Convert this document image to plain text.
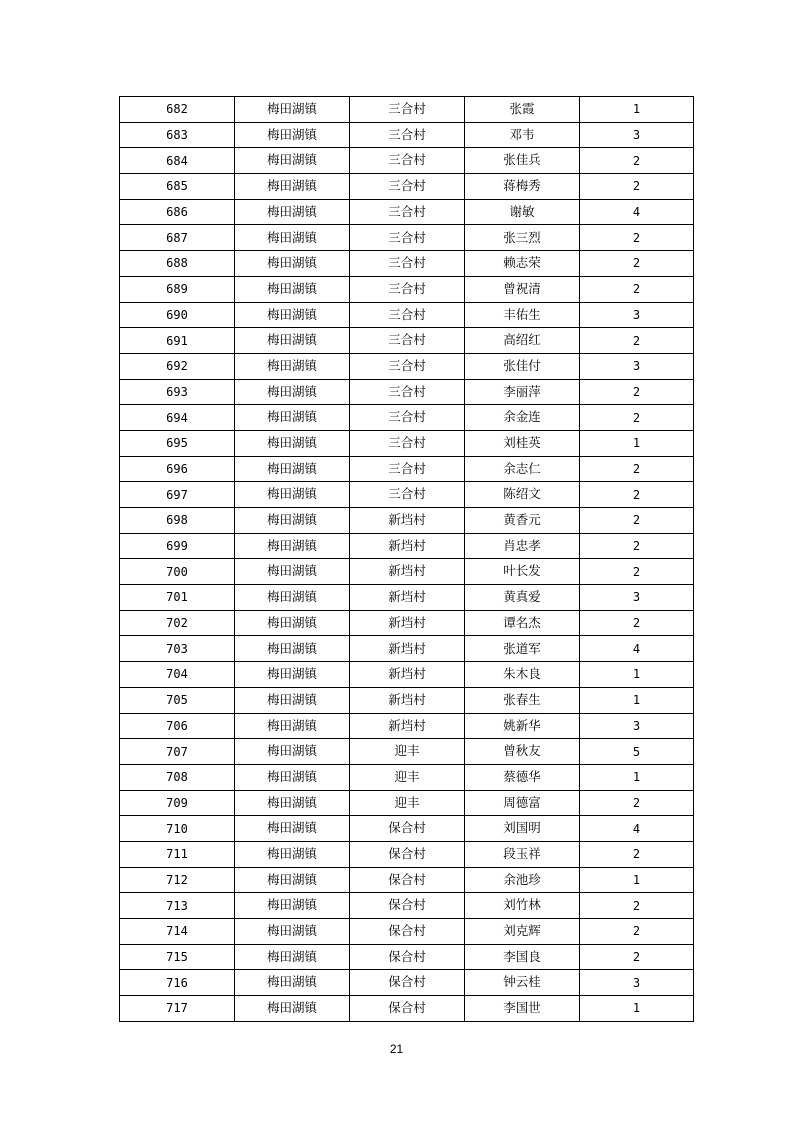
682	梅田湖镇	三合村	张霞	1
683	梅田湖镇	三合村	邓韦	3
684	梅田湖镇	三合村	张佳兵	2
685	梅田湖镇	三合村	蒋梅秀	2
686	梅田湖镇	三合村	谢敏	4
687	梅田湖镇	三合村	张三烈	2
688	梅田湖镇	三合村	赖志荣	2
689	梅田湖镇	三合村	曾祝清	2
690	梅田湖镇	三合村	丰佑生	3
691	梅田湖镇	三合村	高绍红	2
692	梅田湖镇	三合村	张佳付	3
693	梅田湖镇	三合村	李丽萍	2
694	梅田湖镇	三合村	余金连	2
695	梅田湖镇	三合村	刘桂英	1
696	梅田湖镇	三合村	余志仁	2
697	梅田湖镇	三合村	陈绍文	2
698	梅田湖镇	新垱村	黄香元	2
699	梅田湖镇	新垱村	肖忠孝	2
700	梅田湖镇	新垱村	叶长发	2
701	梅田湖镇	新垱村	黄真爱	3
702	梅田湖镇	新垱村	谭名杰	2
703	梅田湖镇	新垱村	张道军	4
704	梅田湖镇	新垱村	朱木良	1
705	梅田湖镇	新垱村	张春生	1
706	梅田湖镇	新垱村	姚新华	3
707	梅田湖镇	迎丰	曾秋友	5
708	梅田湖镇	迎丰	蔡德华	1
709	梅田湖镇	迎丰	周德富	2
710	梅田湖镇	保合村	刘国明	4
711	梅田湖镇	保合村	段玉祥	2
712	梅田湖镇	保合村	余池珍	1
713	梅田湖镇	保合村	刘竹林	2
714	梅田湖镇	保合村	刘克辉	2
715	梅田湖镇	保合村	李国良	2
716	梅田湖镇	保合村	钟云桂	3
717	梅田湖镇	保合村	李国世	1
21
